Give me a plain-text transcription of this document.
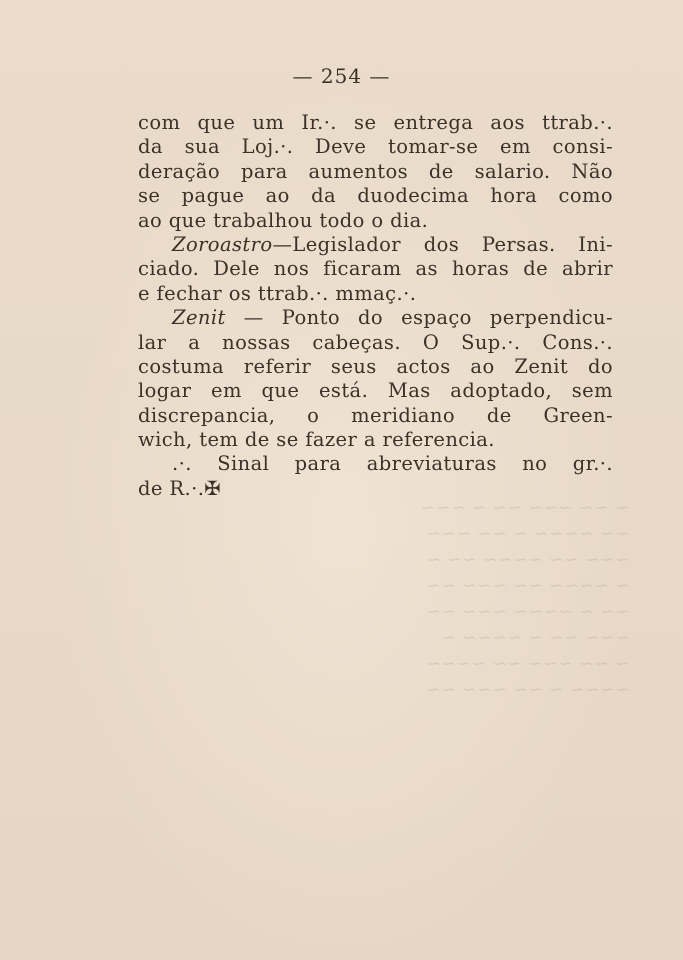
~ ~~ ~~~ ~~ ~ ~~~
~~ ~~~~ ~ ~~ ~~~
~~~ ~~ ~~~~ ~~ ~
~ ~~~~ ~~ ~~~ ~~
~~ ~ ~~~~ ~~~ ~~
~~~ ~~ ~ ~~~~ ~
~ ~~ ~~~ ~~ ~~~~
~~~~ ~ ~~ ~~~ ~~
— 254 —
com que um Ir.·. se entrega aos ttrab.·.
da sua Loj.·. Deve tomar-se em consi-
deração para aumentos de salario. Não
se pague ao da duodecima hora como
ao que trabalhou todo o dia.
Zoroastro—Legislador dos Persas. Ini-
ciado. Dele nos ficaram as horas de abrir
e fechar os ttrab.·. mmaç.·.
Zenit — Ponto do espaço perpendicu-
lar a nossas cabeças. O Sup.·. Cons.·.
costuma referir seus actos ao Zenit do
logar em que está. Mas adoptado, sem
discrepancia, o meridiano de Green-
wich, tem de se fazer a referencia.
.·. Sinal para abreviaturas no gr.·.
de R.·.✠
